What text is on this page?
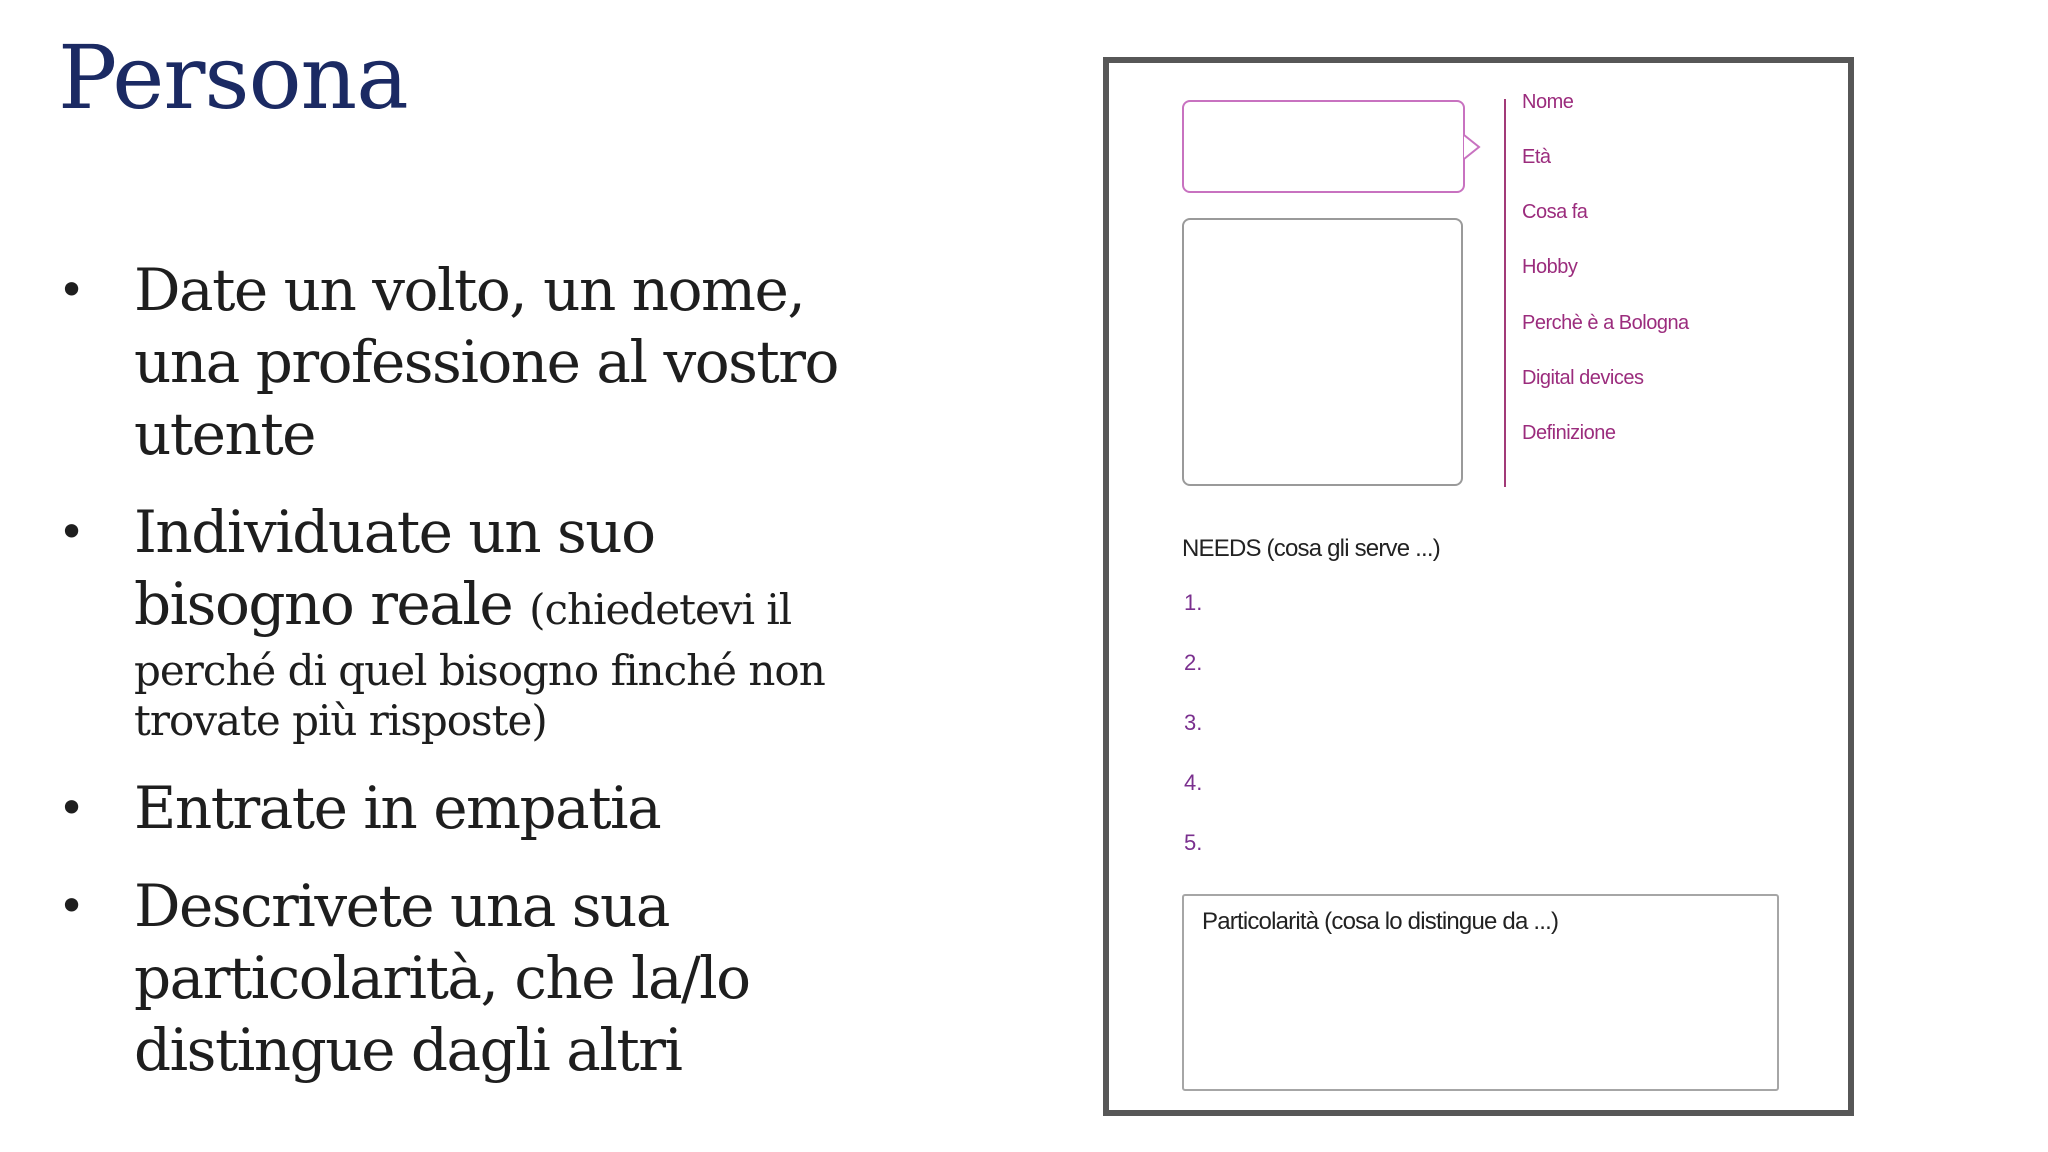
Persona
• Date un volto, un nome, una professione al vostro utente
• Individuate un suo
bisogno reale (chiedetevi il
perché di quel bisogno finché non trovate più risposte)
• Entrate in empatia
• Descrivete una sua particolarità, che la/lo distingue dagli altri
Nome
Età
Cosa fa
Hobby
Perchè è a Bologna
Digital devices
Definizione
NEEDS (cosa gli serve ...)
1.
2.
3.
4.
5.
Particolarità (cosa lo distingue da ...)
